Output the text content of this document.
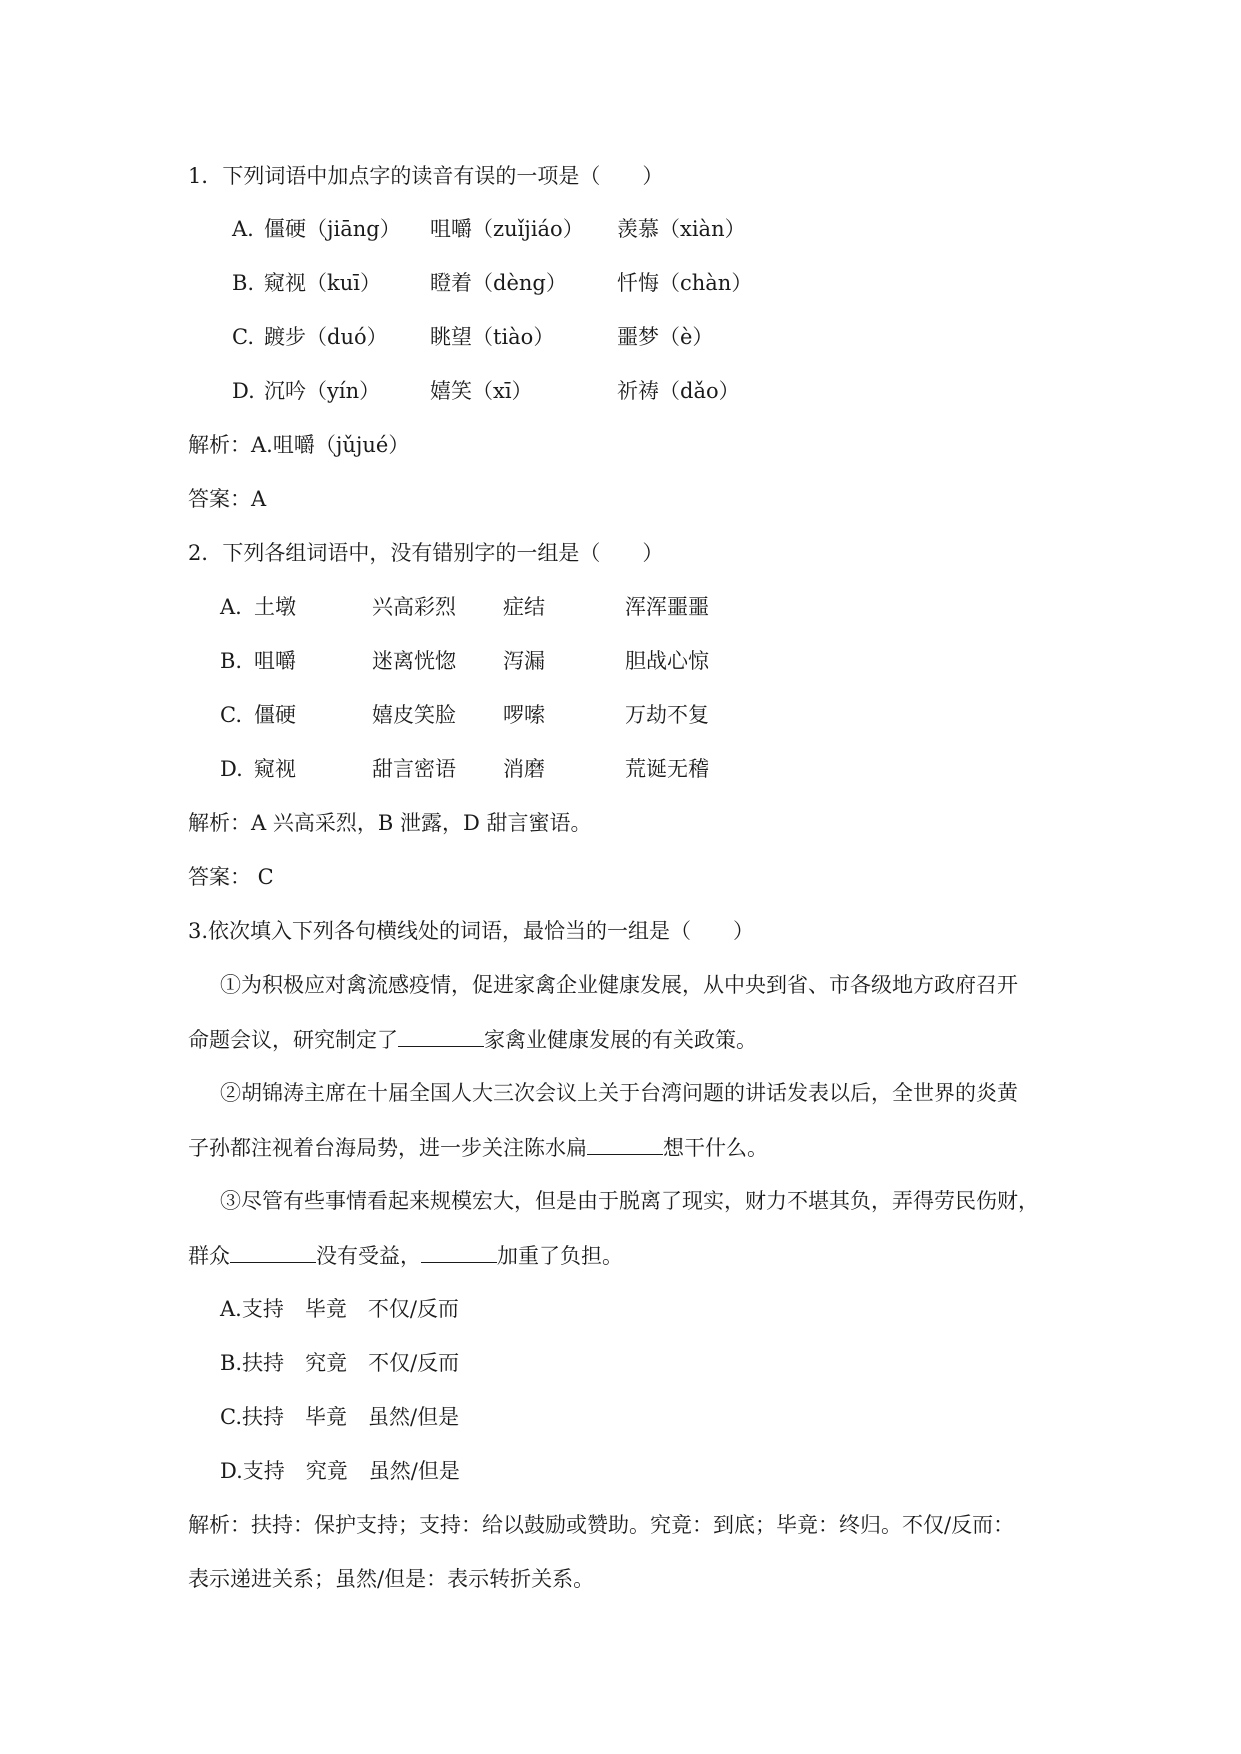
1．下列词语中加点字的读音有误的一项是（　　）
A. 僵硬（jiāng） 咀嚼（zuǐjiáo） 羡慕（xiàn）
B. 窥视（kuī） 瞪着（dèng） 忏悔（chàn）
C. 踱步（duó） 眺望（tiào）	噩梦（è）
D. 沉吟（yín） 嬉笑（xī）	祈祷（dǎo）
解析：A.咀嚼（jǔjué）
答案：A
2．下列各组词语中，没有错别字的一组是（　　）
A. 土墩	兴高彩烈 症结	浑浑噩噩
B. 咀嚼	迷离恍惚 泻漏	胆战心惊
C. 僵硬	嬉皮笑脸 啰嗦	万劫不复
D. 窥视	甜言密语 消磨	荒诞无稽
解析：A 兴高采烈，B 泄露，D 甜言蜜语。
答案： C
3.依次填入下列各句横线处的词语，最恰当的一组是（　　）
①为积极应对禽流感疫情，促进家禽企业健康发展，从中央到省、市各级地方政府召开
命题会议，研究制定了	家禽业健康发展的有关政策。
②胡锦涛主席在十届全国人大三次会议上关于台湾问题的讲话发表以后，全世界的炎黄
子孙都注视着台海局势，进一步关注陈水扁	想干什么。
③尽管有些事情看起来规模宏大，但是由于脱离了现实，财力不堪其负，弄得劳民伤财，
群众	没有受益，	加重了负担。
A.支持　毕竟　不仅/反而
B.扶持　究竟　不仅/反而
C.扶持　毕竟　虽然/但是
D.支持　究竟　虽然/但是
解析：扶持：保护支持；支持：给以鼓励或赞助。究竟：到底；毕竟：终归。不仅/反而：
表示递进关系；虽然/但是：表示转折关系。
